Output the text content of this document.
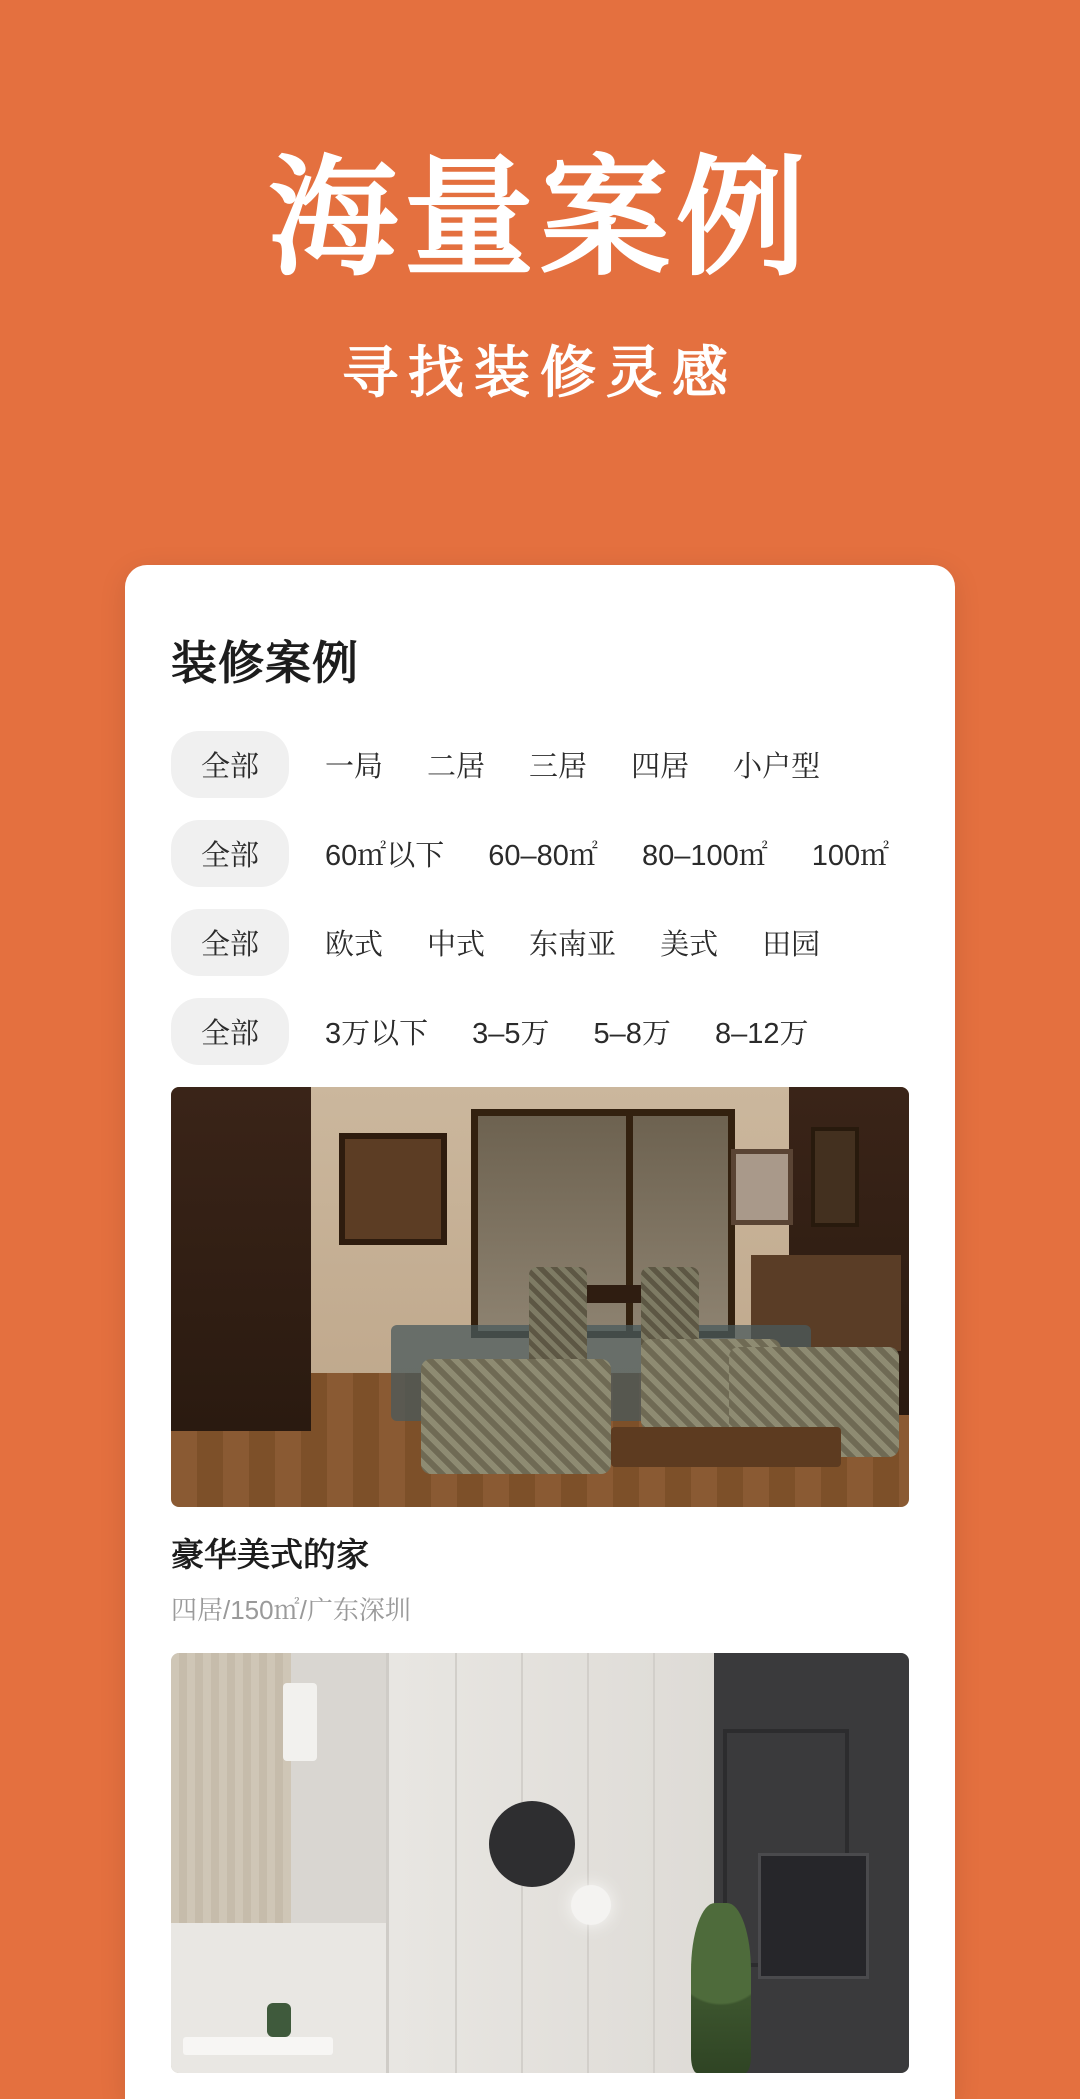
海量案例
寻找装修灵感
装修案例
全部	一局	二居	三居	四居	小户型
全部	60㎡以下	60–80㎡	80–100㎡	100㎡
全部	欧式	中式	东南亚	美式	田园
全部	3万以下	3–5万	5–8万	8–12万
豪华美式的家
四居/150㎡/广东深圳
